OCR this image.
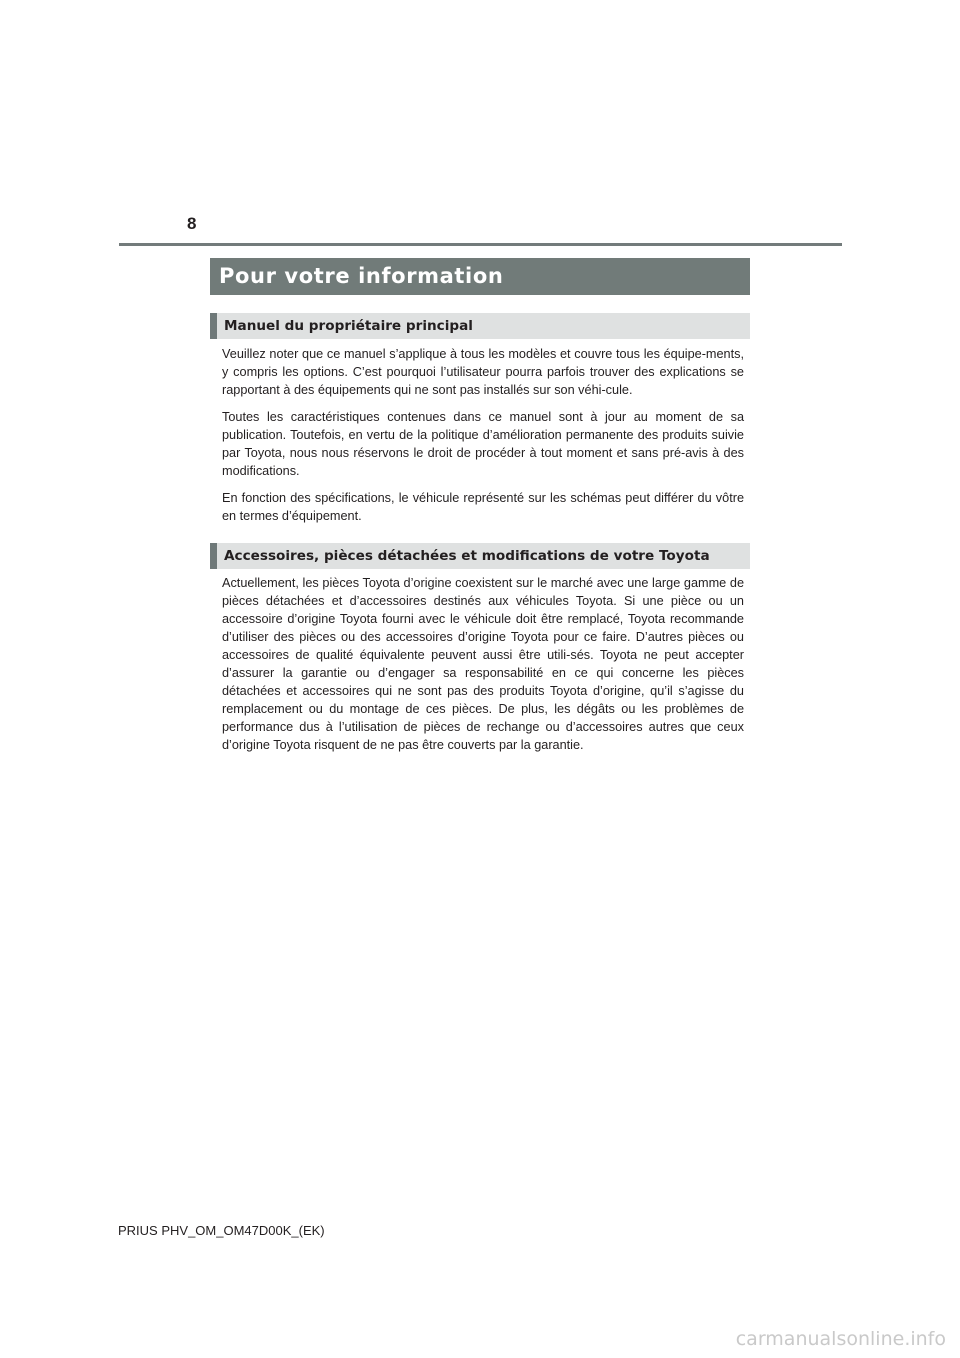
8
Pour votre information
Manuel du propriétaire principal

Veuillez noter que ce manuel s’applique à tous les modèles et couvre tous les équipe-ments, y compris les options. C’est pourquoi l’utilisateur pourra parfois trouver des explications se rapportant à des équipements qui ne sont pas installés sur son véhi-cule.

Toutes les caractéristiques contenues dans ce manuel sont à jour au moment de sa publication. Toutefois, en vertu de la politique d’amélioration permanente des produits suivie par Toyota, nous nous réservons le droit de procéder à tout moment et sans pré-avis à des modifications.

En fonction des spécifications, le véhicule représenté sur les schémas peut différer du vôtre en termes d’équipement.

Accessoires, pièces détachées et modifications de votre Toyota

Actuellement, les pièces Toyota d’origine coexistent sur le marché avec une large gamme de pièces détachées et d’accessoires destinés aux véhicules Toyota. Si une pièce ou un accessoire d’origine Toyota fourni avec le véhicule doit être remplacé, Toyota recommande d’utiliser des pièces ou des accessoires d’origine Toyota pour ce faire. D’autres pièces ou accessoires de qualité équivalente peuvent aussi être utili-sés. Toyota ne peut accepter d’assurer la garantie ou d’engager sa responsabilité en ce qui concerne les pièces détachées et accessoires qui ne sont pas des produits Toyota d’origine, qu’il s’agisse du remplacement ou du montage de ces pièces. De plus, les dégâts ou les problèmes de performance dus à l’utilisation de pièces de rechange ou d’accessoires autres que ceux d’origine Toyota risquent de ne pas être couverts par la garantie.

PRIUS PHV_OM_OM47D00K_(EK)
carmanualsonline.info
